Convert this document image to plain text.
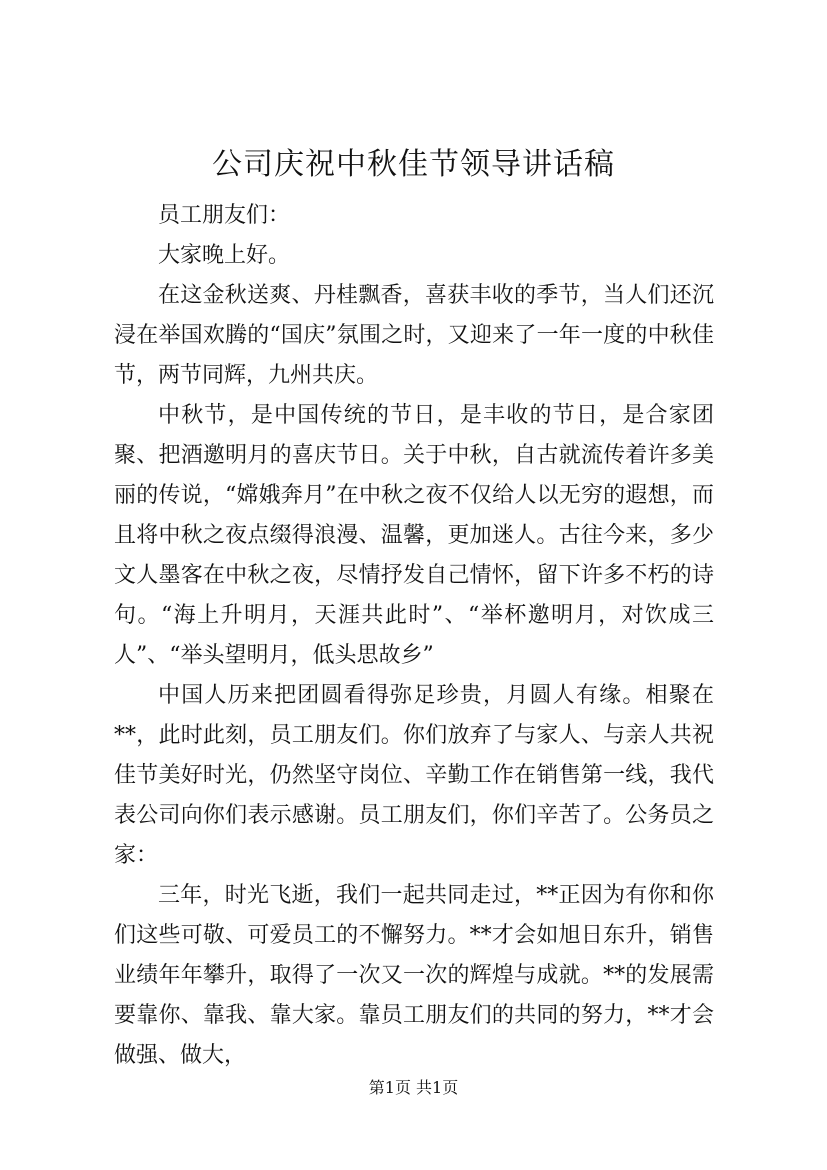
公司庆祝中秋佳节领导讲话稿

员工朋友们：

大家晚上好。

在这金秋送爽、丹桂飘香，喜获丰收的季节，当人们还沉浸在举国欢腾的“国庆”氛围之时，又迎来了一年一度的中秋佳节，两节同辉，九州共庆。

中秋节，是中国传统的节日，是丰收的节日，是合家团聚、把酒邀明月的喜庆节日。关于中秋，自古就流传着许多美丽的传说，“嫦娥奔月”在中秋之夜不仅给人以无穷的遐想，而且将中秋之夜点缀得浪漫、温馨，更加迷人。古往今来，多少文人墨客在中秋之夜，尽情抒发自己情怀，留下许多不朽的诗句。“海上升明月，天涯共此时”、“举杯邀明月，对饮成三人”、“举头望明月，低头思故乡”

中国人历来把团圆看得弥足珍贵，月圆人有缘。相聚在**，此时此刻，员工朋友们。你们放弃了与家人、与亲人共祝佳节美好时光，仍然坚守岗位、辛勤工作在销售第一线，我代表公司向你们表示感谢。员工朋友们，你们辛苦了。公务员之家：

三年，时光飞逝，我们一起共同走过，**正因为有你和你们这些可敬、可爱员工的不懈努力。**才会如旭日东升，销售业绩年年攀升，取得了一次又一次的辉煌与成就。**的发展需要靠你、靠我、靠大家。靠员工朋友们的共同的努力，**才会做强、做大，

第1页 共1页
